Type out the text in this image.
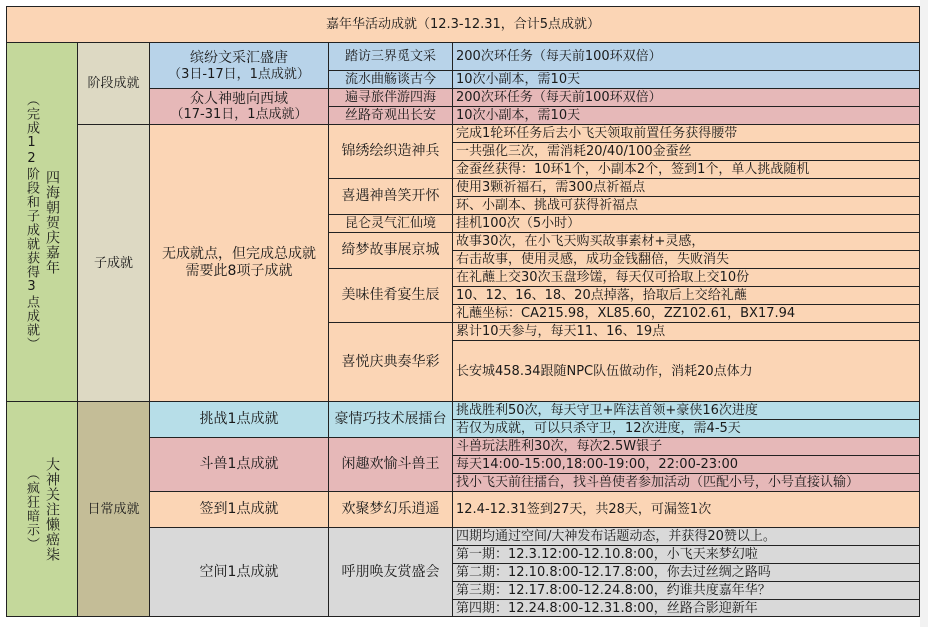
嘉年华活动成就（12.3-12.31，合计5点成就）
（完成12阶段和子成就获得3点成就） 四海朝贺庆嘉年
（疯狂暗示） 大神关注懒癌柒
阶段成就
子成就
日常成就
缤纷文采汇盛唐
（3日-17日，1点成就）
众人神驰向西域
（17-31日，1点成就）
踏访三界觅文采
流水曲觞谈古今
遍寻旅伴游四海
丝路奇观出长安
200次环任务（每天前100环双倍）
10次小副本，需10天
200次环任务（每天前100环双倍）
10次小副本，需10天
无成就点，但完成总成就需要此8项子成就
锦绣绘织造神兵
喜遇神兽笑开怀
昆仑灵气汇仙境
绮梦故事展京城
美味佳肴宴生辰
喜悦庆典奏华彩
完成1轮环任务后去小飞天领取前置任务获得腰带
一共强化三次，需消耗20/40/100金蚕丝
金蚕丝获得：10环1个，小副本2个，签到1个，单人挑战随机
使用3颗祈福石，需300点祈福点
环、小副本、挑战可获得祈福点
挂机100次（5小时）
故事30次，在小飞天购买故事素材+灵感，
右击故事，使用灵感，成功金钱翻倍，失败消失
在礼蘸上交30次玉盘珍馐，每天仅可拾取上交10份
10、12、16、18、20点掉落，拾取后上交给礼蘸
礼蘸坐标：CA215.98，XL85.60，ZZ102.61，BX17.94
累计10天参与，每天11、16、19点
长安城458.34跟随NPC队伍做动作，消耗20点体力
挑战1点成就
斗兽1点成就
签到1点成就
空间1点成就
豪情巧技术展擂台
闲趣欢愉斗兽王
欢聚梦幻乐逍遥
呼朋唤友赏盛会
挑战胜利50次，每天守卫+阵法首领+豪侠16次进度
若仅为成就，可以只杀守卫，12次进度，需4-5天
斗兽玩法胜利30次，每次2.5W银子
每天14:00-15:00,18:00-19:00，22:00-23:00
找小飞天前往擂台，找斗兽使者参加活动（匹配小号，小号直接认输）
12.4-12.31签到27天，共28天，可漏签1次
四期均通过空间/大神发布话题动态，并获得20赞以上。
第一期：12.3.12:00-12.10.8:00，小飞天来梦幻啦
第二期：12.10.8:00-12.17.8:00，你去过丝绸之路吗
第三期：12.17.8:00-12.24.8:00，约谁共度嘉年华？
第四期：12.24.8:00-12.31.8:00，丝路合影迎新年
